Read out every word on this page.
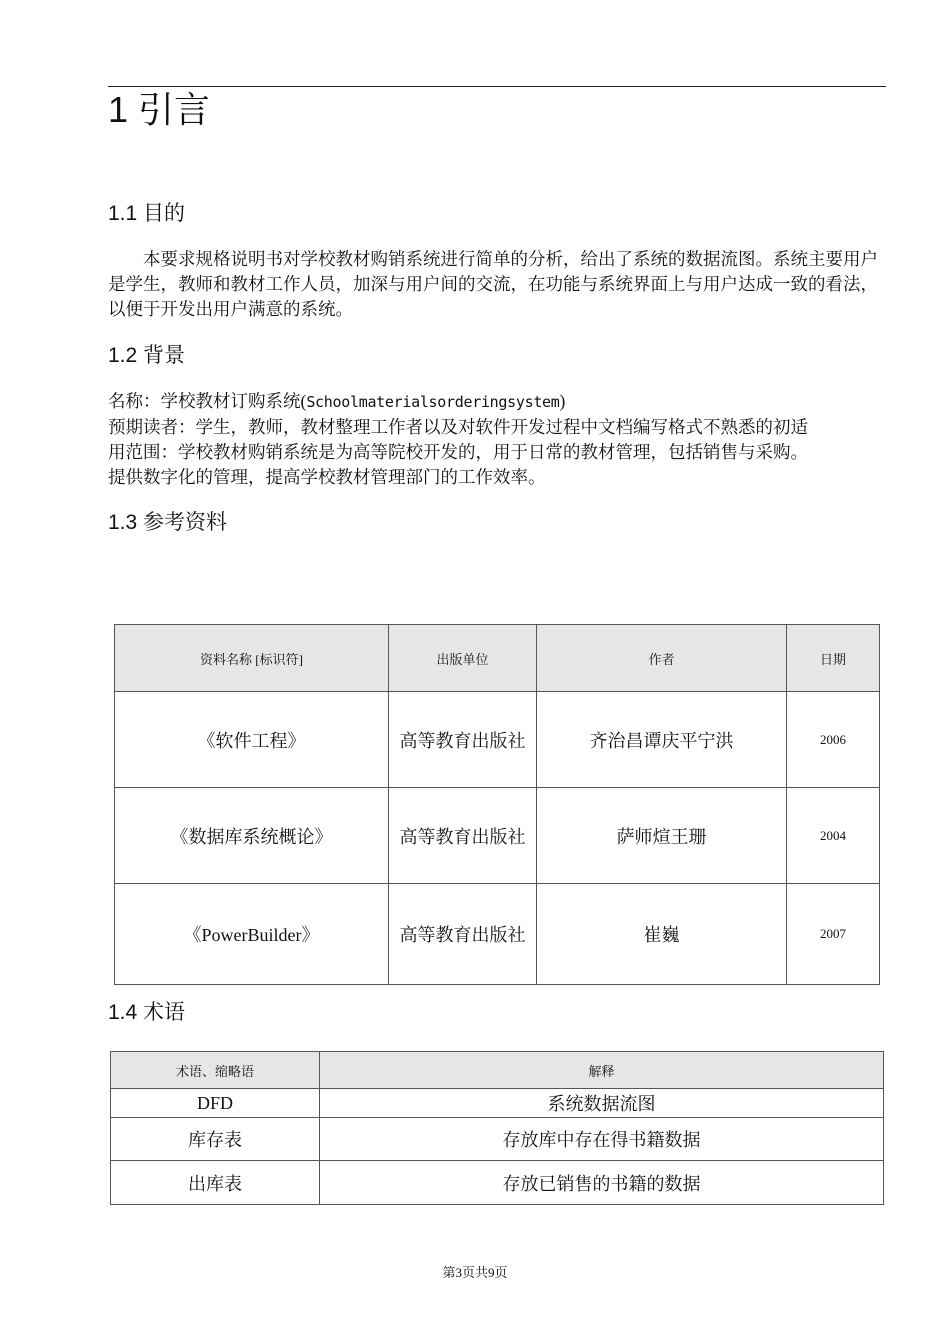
1 引言
1.1 目的

本要求规格说明书对学校教材购销系统进行简单的分析，给出了系统的数据流图。系统主要用户是学生，教师和教材工作人员，加深与用户间的交流，在功能与系统界面上与用户达成一致的看法，以便于开发出用户满意的系统。

1.2 背景

名称：学校教材订购系统(Schoolmaterialsorderingsystem)

预期读者：学生，教师，教材整理工作者以及对软件开发过程中文档编写格式不熟悉的初适

用范围：学校教材购销系统是为高等院校开发的，用于日常的教材管理，包括销售与采购。

提供数字化的管理，提高学校教材管理部门的工作效率。

1.3 参考资料
资料名称 [标识符]	出版单位	作者	日期
《软件工程》	高等教育出版社	齐治昌谭庆平宁洪	2006
《数据库系统概论》	高等教育出版社	萨师煊王珊	2004
《PowerBuilder》	高等教育出版社	崔巍	2007
1.4 术语
术语、缩略语	解释
DFD	系统数据流图
库存表	存放库中存在得书籍数据
出库表	存放已销售的书籍的数据
第3页共9页
